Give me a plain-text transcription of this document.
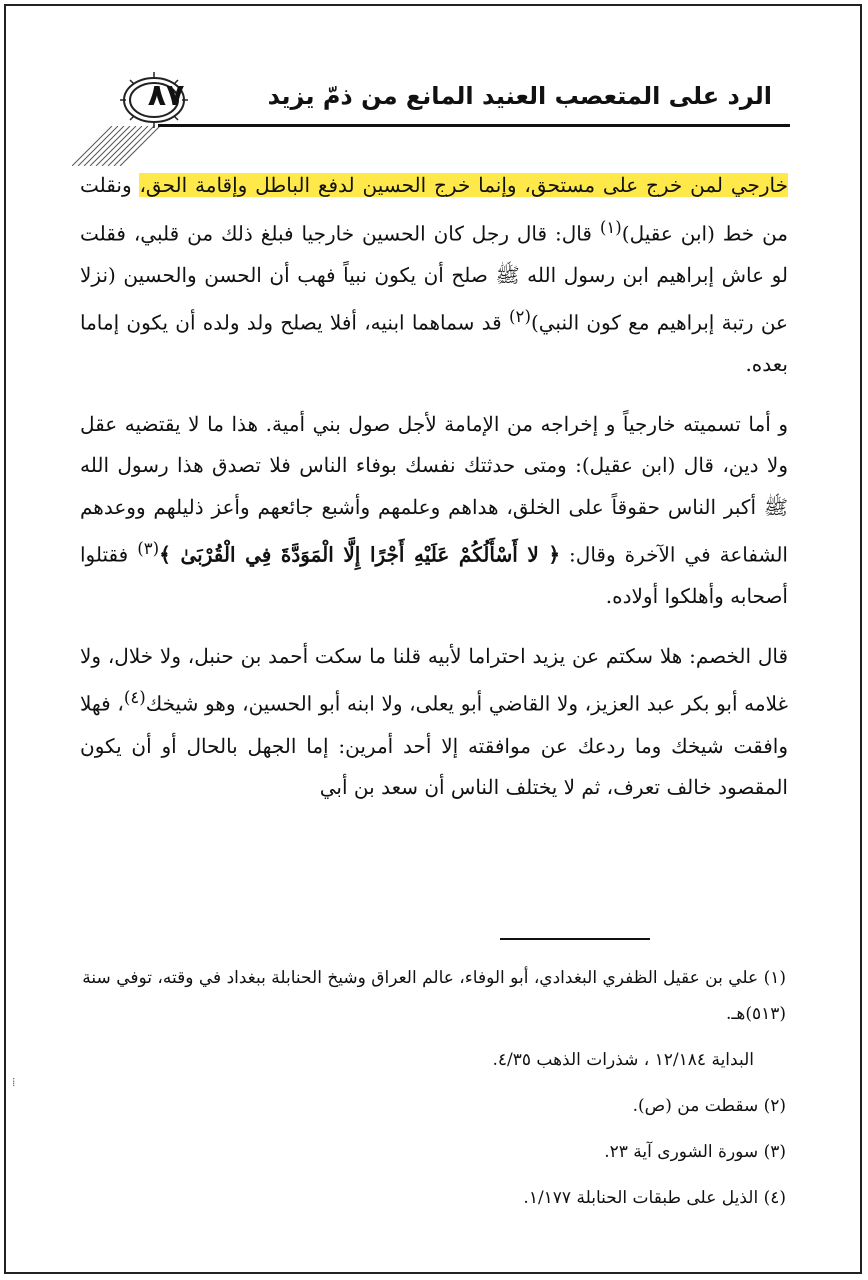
٨٧	الرد على المتعصب العنيد المانع من ذمّ يزيد

خارجي لمن خرج على مستحق، وإنما خرج الحسين لدفع الباطل وإقامة الحق، ونقلت من خط (ابن عقيل)$^{(١)}$ قال: قال رجل كان الحسين خارجيا فبلغ ذلك من قلبي، فقلت لو عاش إبراهيم ابن رسول الله ﷺ صلح أن يكون نبياً فهب أن الحسن والحسين (نزلا عن رتبة إبراهيم مع كون النبي)$^{(٢)}$ قد سماهما ابنيه، أفلا يصلح ولد ولده أن يكون إماما بعده.

و أما تسميته خارجياً و إخراجه من الإمامة لأجل صول بني أمية. هذا ما لا يقتضيه عقل ولا دين، قال (ابن عقيل): ومتى حدثتك نفسك بوفاء الناس فلا تصدق هذا رسول الله ﷺ أكبر الناس حقوقاً على الخلق، هداهم وعلمهم وأشبع جائعهم وأعز ذليلهم ووعدهم الشفاعة في الآخرة وقال: ﴿ لا أَسْأَلُكُمْ عَلَيْهِ أَجْرًا إِلَّا الْمَوَدَّةَ فِي الْقُرْبَىٰ ﴾$^{(٣)}$ فقتلوا أصحابه وأهلكوا أولاده.

قال الخصم: هلا سكتم عن يزيد احتراما لأبيه قلنا ما سكت أحمد بن حنبل، ولا خلال، ولا غلامه أبو بكر عبد العزيز، ولا القاضي أبو يعلى، ولا ابنه أبو الحسين، وهو شيخك$^{(٤)}$، فهلا وافقت شيخك وما ردعك عن موافقته إلا أحد أمرين: إما الجهل بالحال أو أن يكون المقصود خالف تعرف، ثم لا يختلف الناس أن سعد بن أبي

(١) علي بن عقيل الظفري البغدادي، أبو الوفاء، عالم العراق وشيخ الحنابلة ببغداد في وقته، توفي سنة (٥١٣)هـ.

البداية ١٢/١٨٤ ، شذرات الذهب ٤/٣٥.

(٢) سقطت من (ص).

(٣) سورة الشورى آية ٢٣.

(٤) الذيل على طبقات الحنابلة ١/١٧٧.

⁞
